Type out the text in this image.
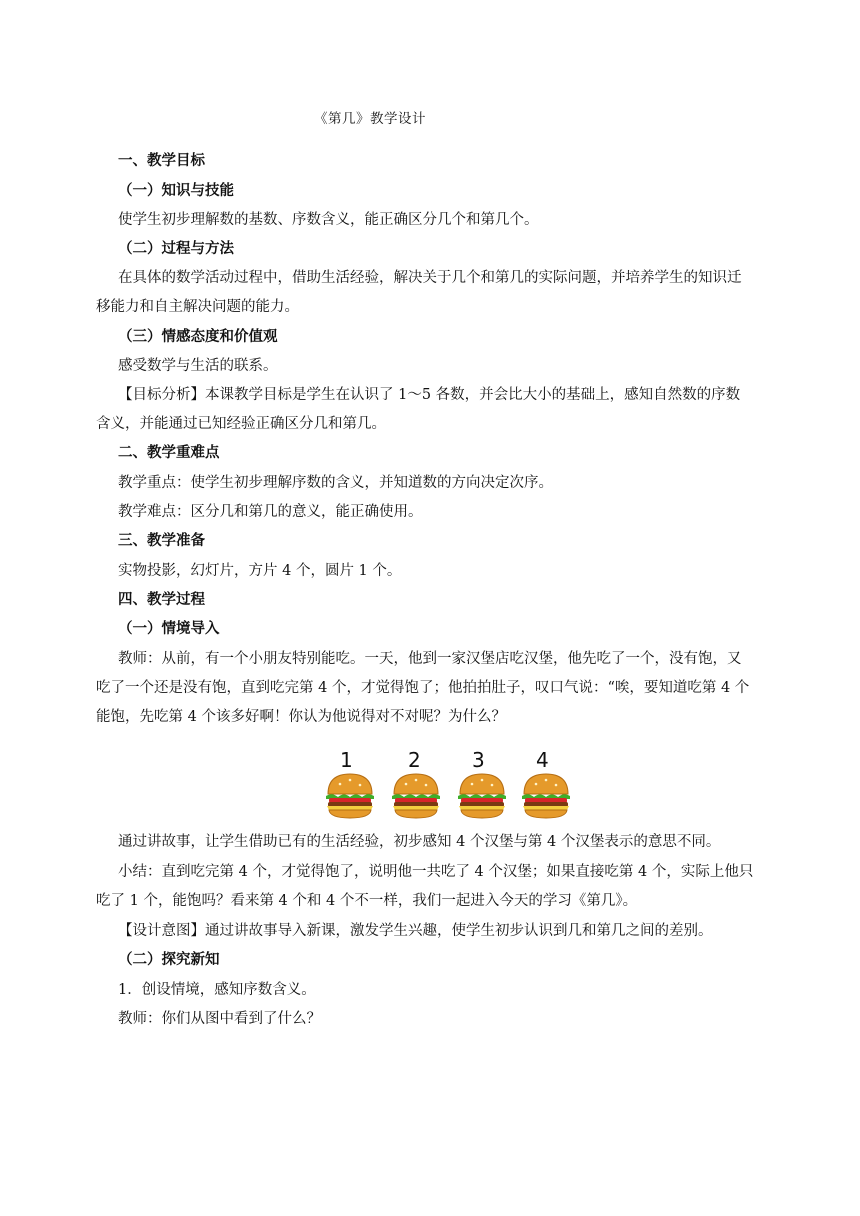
《第几》教学设计
一、教学目标
（一）知识与技能
使学生初步理解数的基数、序数含义，能正确区分几个和第几个。
（二）过程与方法
在具体的数学活动过程中，借助生活经验，解决关于几个和第几的实际问题，并培养学生的知识迁
移能力和自主解决问题的能力。
（三）情感态度和价值观
感受数学与生活的联系。
【目标分析】本课教学目标是学生在认识了 1～5 各数，并会比大小的基础上，感知自然数的序数
含义，并能通过已知经验正确区分几和第几。
二、教学重难点
教学重点：使学生初步理解序数的含义，并知道数的方向决定次序。
教学难点：区分几和第几的意义，能正确使用。
三、教学准备
实物投影，幻灯片，方片 4 个，圆片 1 个。
四、教学过程
（一）情境导入
教师：从前，有一个小朋友特别能吃。一天，他到一家汉堡店吃汉堡，他先吃了一个，没有饱，又
吃了一个还是没有饱，直到吃完第 4 个，才觉得饱了；他拍拍肚子，叹口气说：“唉，要知道吃第 4 个
能饱，先吃第 4 个该多好啊！你认为他说得对不对呢？为什么？
1	2	3	4
通过讲故事，让学生借助已有的生活经验，初步感知 4 个汉堡与第 4 个汉堡表示的意思不同。
小结：直到吃完第 4 个，才觉得饱了，说明他一共吃了 4 个汉堡；如果直接吃第 4 个，实际上他只
吃了 1 个，能饱吗？看来第 4 个和 4 个不一样，我们一起进入今天的学习《第几》。
【设计意图】通过讲故事导入新课，激发学生兴趣，使学生初步认识到几和第几之间的差别。
（二）探究新知
1．创设情境，感知序数含义。
教师：你们从图中看到了什么？
